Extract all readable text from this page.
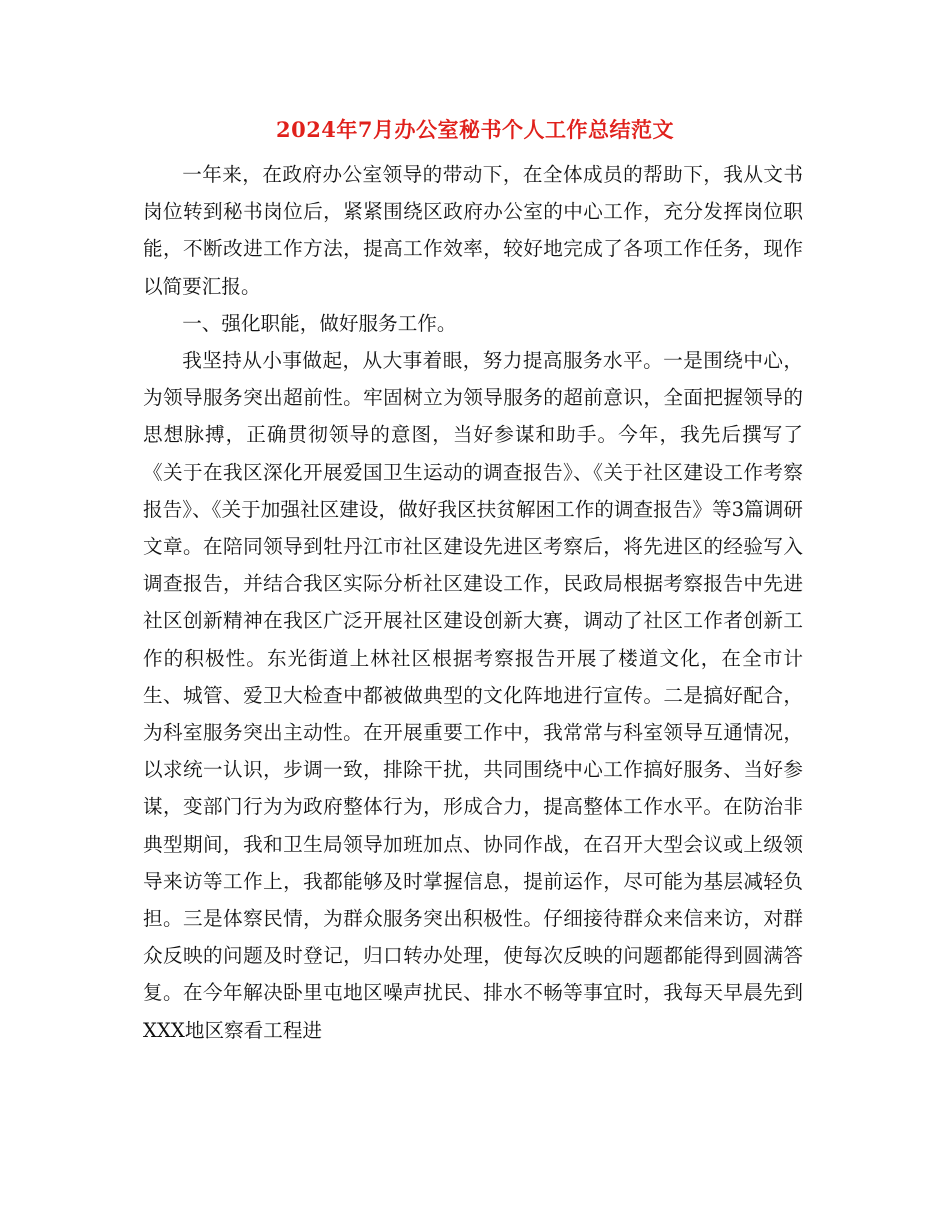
2024年7月办公室秘书个人工作总结范文

一年来，在政府办公室领导的带动下，在全体成员的帮助下，我从文书岗位转到秘书岗位后，紧紧围绕区政府办公室的中心工作，充分发挥岗位职能，不断改进工作方法，提高工作效率，较好地完成了各项工作任务，现作以简要汇报。

一、强化职能，做好服务工作。

我坚持从小事做起，从大事着眼，努力提高服务水平。一是围绕中心，为领导服务突出超前性。牢固树立为领导服务的超前意识，全面把握领导的思想脉搏，正确贯彻领导的意图，当好参谋和助手。今年，我先后撰写了《关于在我区深化开展爱国卫生运动的调查报告》、《关于社区建设工作考察报告》、《关于加强社区建设，做好我区扶贫解困工作的调查报告》等3篇调研文章。在陪同领导到牡丹江市社区建设先进区考察后，将先进区的经验写入调查报告，并结合我区实际分析社区建设工作，民政局根据考察报告中先进社区创新精神在我区广泛开展社区建设创新大赛，调动了社区工作者创新工作的积极性。东光街道上林社区根据考察报告开展了楼道文化，在全市计生、城管、爱卫大检查中都被做典型的文化阵地进行宣传。二是搞好配合，为科室服务突出主动性。在开展重要工作中，我常常与科室领导互通情况，以求统一认识，步调一致，排除干扰，共同围绕中心工作搞好服务、当好参谋，变部门行为为政府整体行为，形成合力，提高整体工作水平。在防治非典型期间，我和卫生局领导加班加点、协同作战，在召开大型会议或上级领导来访等工作上，我都能够及时掌握信息，提前运作，尽可能为基层减轻负担。三是体察民情，为群众服务突出积极性。仔细接待群众来信来访，对群众反映的问题及时登记，归口转办处理，使每次反映的问题都能得到圆满答复。在今年解决卧里屯地区噪声扰民、排水不畅等事宜时，我每天早晨先到XXX地区察看工程进
